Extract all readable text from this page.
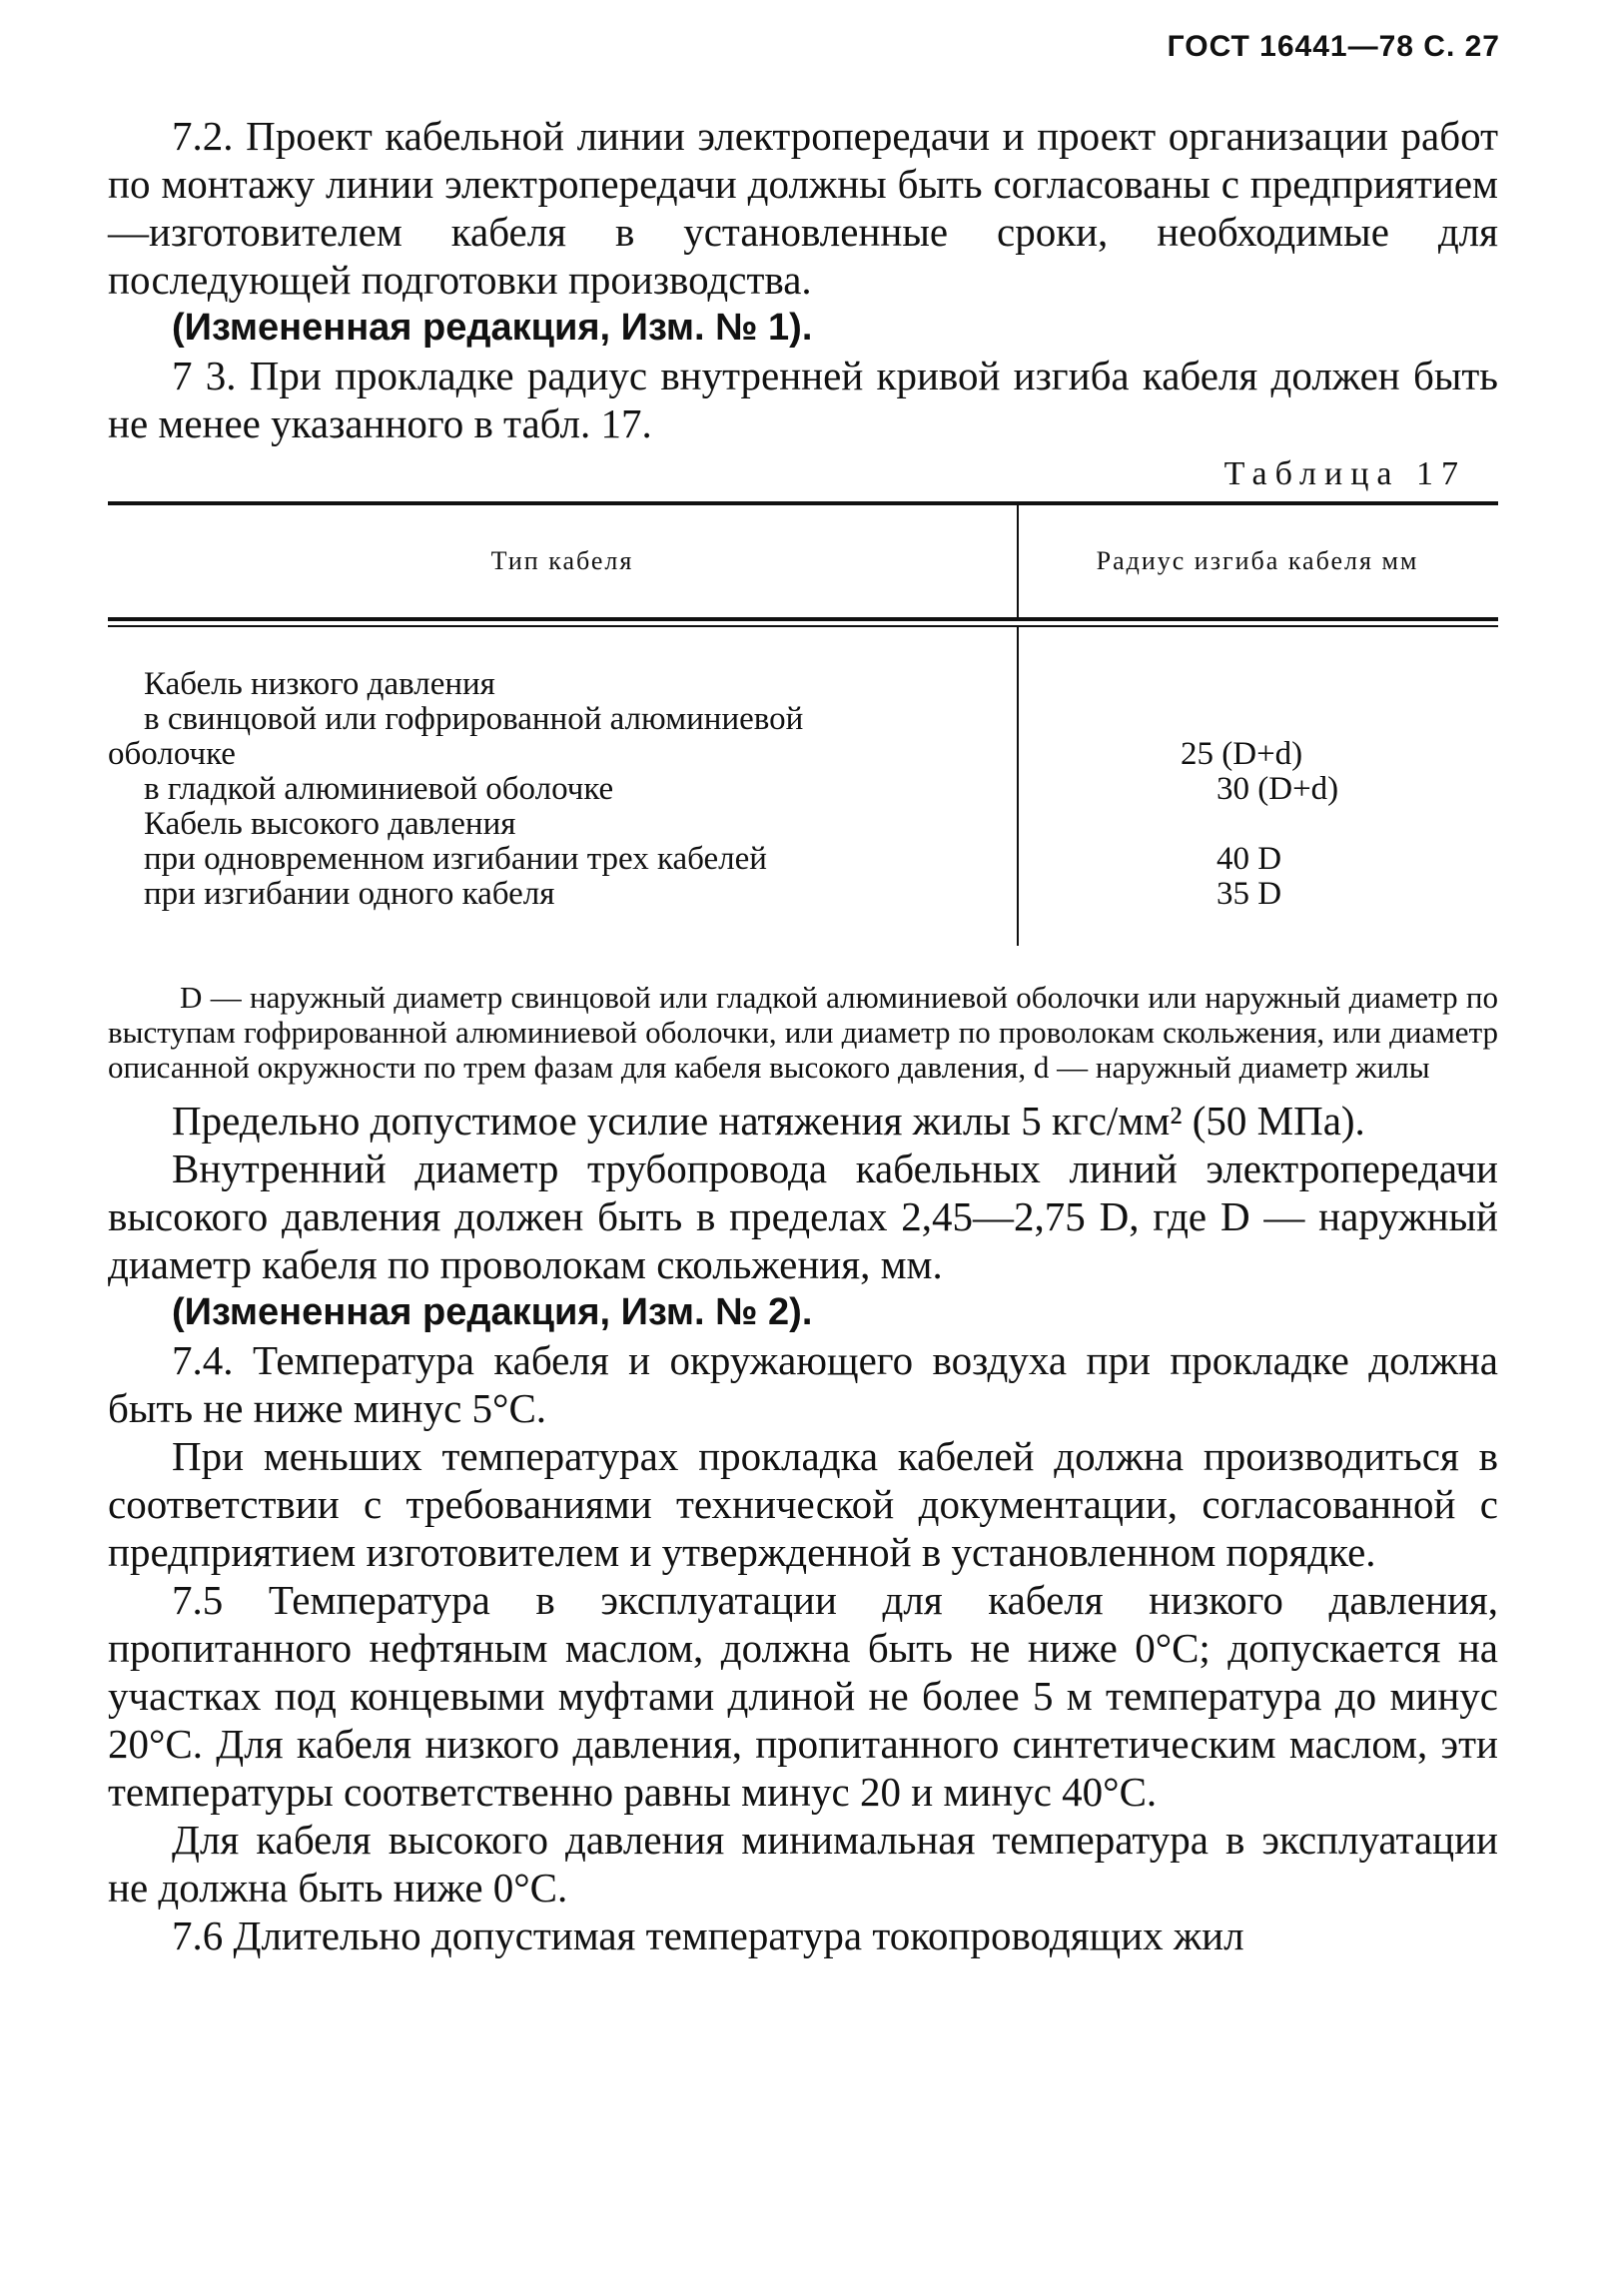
ГОСТ 16441—78 С. 27

7.2. Проект кабельной линии электропередачи и проект организации работ по монтажу линии электропередачи должны быть согласованы с предприятием—изготовителем кабеля в установленные сроки, необходимые для последующей подготовки производства.

(Измененная редакция, Изм. № 1).

7 3. При прокладке радиус внутренней кривой изгиба кабеля должен быть не менее указанного в табл. 17.

Таблица 17
Тип кабеля	Радиус изгиба кабеля мм
Кабель низкого давления
в свинцовой или гофрированной алюминиевой
оболочке	25 (D+d)
в гладкой алюминиевой оболочке	30 (D+d)
Кабель высокого давления
при одновременном изгибании трех кабелей	40 D
при изгибании одного кабеля	35 D
D — наружный диаметр свинцовой или гладкой алюминиевой оболочки или наружный диаметр по выступам гофрированной алюминиевой оболочки, или диаметр по проволокам скольжения, или диаметр описанной окружности по трем фазам для кабеля высокого давления, d — наружный диаметр жилы

Предельно допустимое усилие натяжения жилы 5 кгс/мм² (50 МПа).

Внутренний диаметр трубопровода кабельных линий электропередачи высокого давления должен быть в пределах 2,45—2,75 D, где D — наружный диаметр кабеля по проволокам скольжения, мм.

(Измененная редакция, Изм. № 2).

7.4. Температура кабеля и окружающего воздуха при прокладке должна быть не ниже минус 5°С.

При меньших температурах прокладка кабелей должна производиться в соответствии с требованиями технической документации, согласованной с предприятием изготовителем и утвержденной в установленном порядке.

7.5 Температура в эксплуатации для кабеля низкого давления, пропитанного нефтяным маслом, должна быть не ниже 0°С; допускается на участках под концевыми муфтами длиной не более 5 м температура до минус 20°С. Для кабеля низкого давления, пропитанного синтетическим маслом, эти температуры соответственно равны минус 20 и минус 40°С.

Для кабеля высокого давления минимальная температура в эксплуатации не должна быть ниже 0°С.

7.6 Длительно допустимая температура токопроводящих жил
